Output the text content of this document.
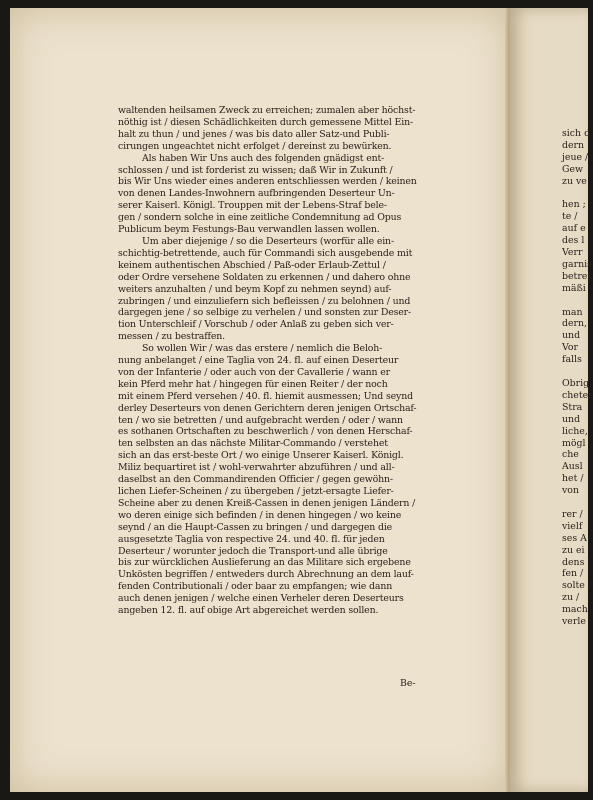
waltenden heilsamen Zweck zu erreichen; zumalen aber höchst-
nöthig ist / diesen Schädlichkeiten durch gemessene Mittel Ein-
halt zu thun / und jenes / was bis dato aller Satz-und Publi-
cirungen ungeachtet nicht erfolget / dereinst zu bewürken.
Als haben Wir Uns auch des folgenden gnädigst ent-
schlossen / und ist forderist zu wissen; daß Wir in Zukunft /
bis Wir Uns wieder eines anderen entschliessen werden / keinen
von denen Landes-Inwohnern aufbringenden Deserteur Un-
serer Kaiserl. Königl. Trouppen mit der Lebens-Straf bele-
gen / sondern solche in eine zeitliche Condemnitung ad Opus
Publicum beym Festungs-Bau verwandlen lassen wollen.
Um aber diejenige / so die Deserteurs (worfür alle ein-
schichtig-betrettende, auch für Commandi sich ausgebende mit
keinem authentischen Abschied / Paß-oder Erlaub-Zettul /
oder Ordre versehene Soldaten zu erkennen / und dahero ohne
weiters anzuhalten / und beym Kopf zu nehmen seynd) auf-
zubringen / und einzuliefern sich befleissen / zu belohnen / und
dargegen jene / so selbige zu verhelen / und sonsten zur Deser-
tion Unterschleif / Vorschub / oder Anlaß zu geben sich ver-
messen / zu bestraffen.
So wollen Wir / was das erstere / nemlich die Beloh-
nung anbelanget / eine Taglia von 24. fl. auf einen Deserteur
von der Infanterie / oder auch von der Cavallerie / wann er
kein Pferd mehr hat / hingegen für einen Reiter / der noch
mit einem Pferd versehen / 40. fl. hiemit ausmessen; Und seynd
derley Deserteurs von denen Gerichtern deren jenigen Ortschaf-
ten / wo sie betretten / und aufgebracht werden / oder / wann
es sothanen Ortschaften zu beschwerlich / von denen Herschaf-
ten selbsten an das nächste Militar-Commando / verstehet
sich an das erst-beste Ort / wo einige Unserer Kaiserl. Königl.
Miliz bequartiret ist / wohl-verwahrter abzuführen / und all-
daselbst an den Commandirenden Officier / gegen gewöhn-
lichen Liefer-Scheinen / zu übergeben / jetzt-ersagte Liefer-
Scheine aber zu denen Kreiß-Cassen in denen jenigen Ländern /
wo deren einige sich befinden / in denen hingegen / wo keine
seynd / an die Haupt-Cassen zu bringen / und dargegen die
ausgesetzte Taglia von respective 24. und 40. fl. für jeden
Deserteur / worunter jedoch die Transport-und alle übrige
bis zur würcklichen Auslieferung an das Militare sich ergebene
Unkösten begriffen / entweders durch Abrechnung an dem lauf-
fenden Contributionali / oder baar zu empfangen; wie dann
auch denen jenigen / welche einen Verheler deren Deserteurs
angeben 12. fl. auf obige Art abgereichet werden sollen.
Be-
sich d
dern
jeue /
Gew
zu ve
hen ;
te /
auf e
des l
Verr
garnis
betret
mäßi
man
dern,
und
Vor
falls
Obrig
cheter
Stra
und
liche,
mögl
che
Ausl
het /
von
rer /
vielf
ses A
zu ei
dens
fen /
solte /
zu /
mach
verle
